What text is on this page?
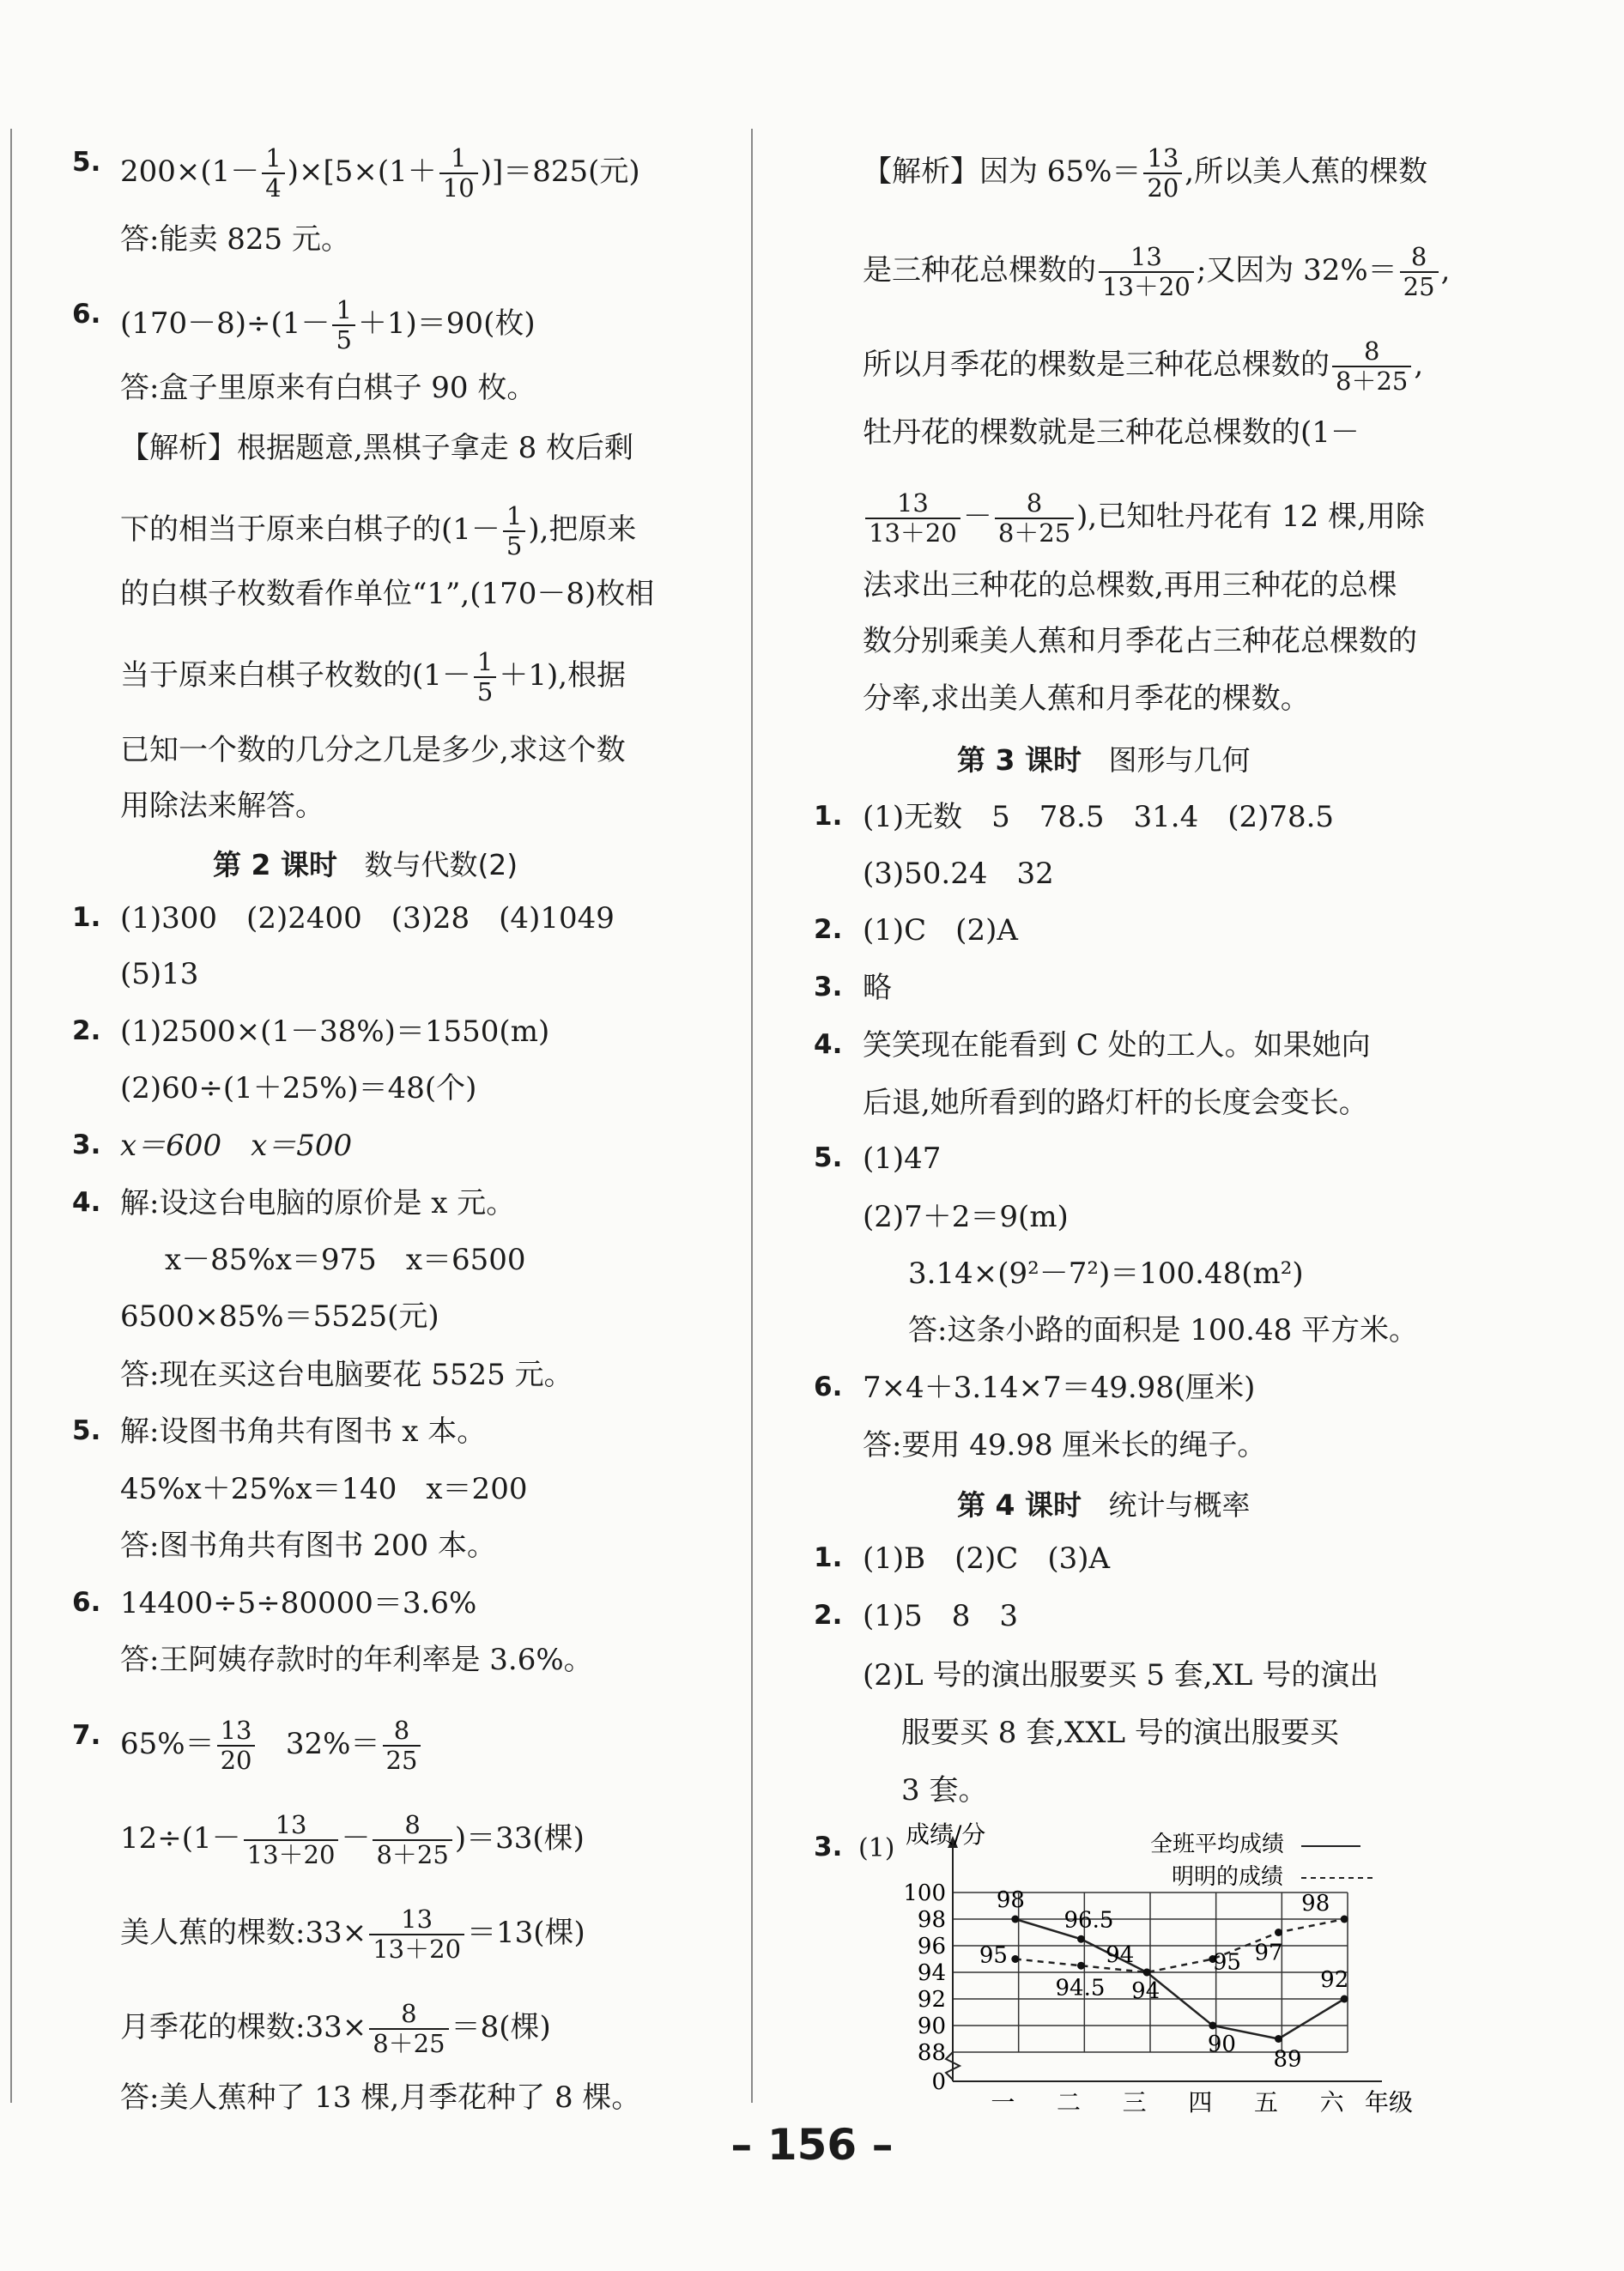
5. $200\times(1- \frac{1}{4} )\times[5\times(1+ \frac{1}{10} )]=825$(元)
答:能卖 825 元。
6. $(170-8)\div(1- \frac{1}{5} +1)=90$(枚)
答:盒子里原来有白棋子 90 枚。
【解析】根据题意,黑棋子拿走 8 枚后剩
下的相当于原来白棋子的($1- \frac{1}{5}$ ),把原来
的白棋子枚数看作单位“1”,(170－8)枚相
当于原来白棋子枚数的$(1- \frac{1}{5} +1)$,根据
已知一个数的几分之几是多少,求这个数
用除法来解答。
第 2 课时 数与代数(2)
1. (1)300　(2)2400　(3)28　(4)1049
(5)13
2. (1)2500×(1－38%)＝1550(m)
(2)60÷(1＋25%)＝48(个)
3. x＝600　x＝500
4. 解:设这台电脑的原价是 x 元。
x－85%x＝975　x＝6500
6500×85%＝5525(元)
答:现在买这台电脑要花 5525 元。
5. 解:设图书角共有图书 x 本。
45%x＋25%x＝140　x＝200
答:图书角共有图书 200 本。
6. 14400÷5÷80000＝3.6%
答:王阿姨存款时的年利率是 3.6%。
7. $65\%= \frac{13}{20} 32\%= \frac{8}{25}$
$12\div(1- \frac{13}{13+20} - \frac{8}{8+25} )=33$(棵)
美人蕉的棵数:33× $\frac{13}{13+20} =13$(棵)
月季花的棵数:33× $\frac{8}{8+25} =8$(棵)
答:美人蕉种了 13 棵,月季花种了 8 棵。
【解析】因为 $65\%= \frac{13}{20}$ ,所以美人蕉的棵数
是三种花总棵数的 $\frac{13}{13+20}$ ;又因为 $32\%= \frac{8}{25}$ ,
所以月季花的棵数是三种花总棵数的 $\frac{8}{8+25}$ ,
牡丹花的棵数就是三种花总棵数的(1－
$\frac{13}{13+20} - \frac{8}{8+25}$ ),已知牡丹花有 12 棵,用除
法求出三种花的总棵数,再用三种花的总棵
数分别乘美人蕉和月季花占三种花总棵数的
分率,求出美人蕉和月季花的棵数。
第 3 课时 图形与几何
1. (1)无数　5　78.5　31.4　(2)78.5
(3)50.24　32
2. (1)C　(2)A
3. 略
4. 笑笑现在能看到 C 处的工人。如果她向
后退,她所看到的路灯杆的长度会变长。
5. (1)47
(2)7＋2＝9(m)
3.14×(9²－7²)＝100.48(m²)
答:这条小路的面积是 100.48 平方米。
6. 7×4＋3.14×7＝49.98(厘米)
答:要用 49.98 厘米长的绳子。
第 4 课时 统计与概率
1. (1)B　(2)C　(3)A
2. (1)5　8　3
(2)L 号的演出服要买 5 套,XL 号的演出
服要买 8 套,XXL 号的演出服要买
3 套。
3. (1) 成绩/分
100
98
96
94
92
90
88
0
一 二 三 四 五 六 年级
全班平均成绩
明明的成绩
98
96.5
94
90
89
92
95
94.5 94
95 97
98
– 156 –
